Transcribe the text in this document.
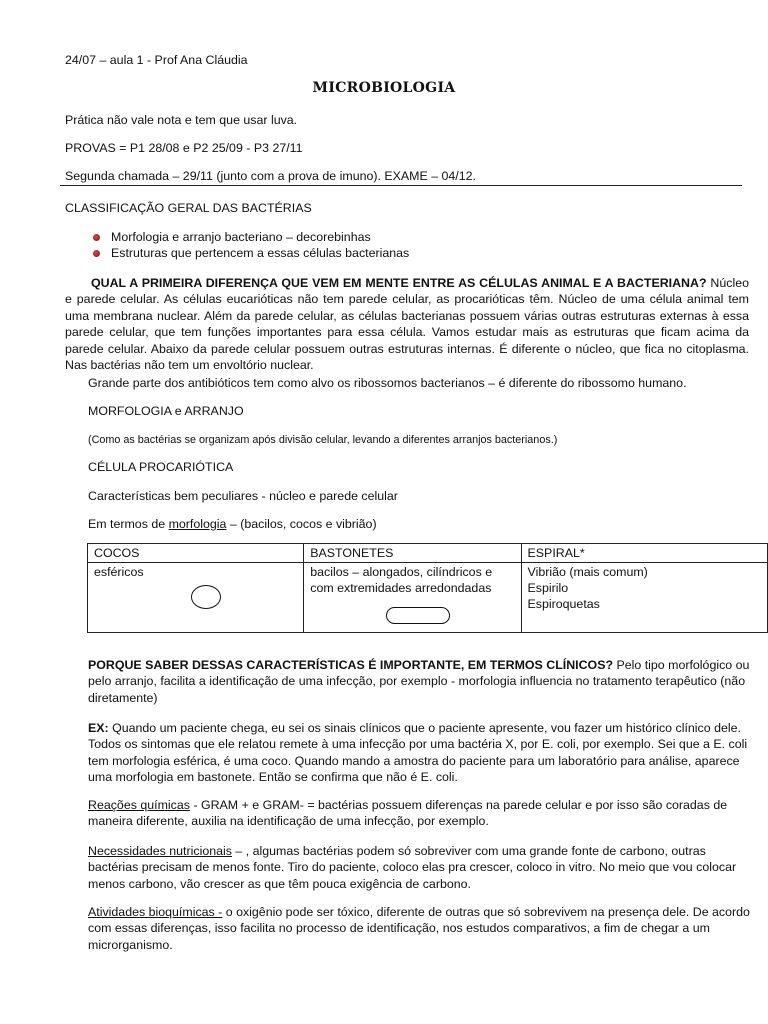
24/07 – aula 1 - Prof Ana Cláudia
MICROBIOLOGIA
Prática não vale nota e tem que usar luva.
PROVAS = P1 28/08 e P2 25/09 - P3 27/11
Segunda chamada – 29/11 (junto com a prova de imuno). EXAME – 04/12.
CLASSIFICAÇÃO GERAL DAS BACTÉRIAS
Morfologia e arranjo bacteriano – decorebinhas
Estruturas que pertencem a essas células bacterianas
QUAL A PRIMEIRA DIFERENÇA QUE VEM EM MENTE ENTRE AS CÉLULAS ANIMAL E A BACTERIANA? Núcleo e parede celular. As células eucarióticas não tem parede celular, as procarióticas têm. Núcleo de uma célula animal tem uma membrana nuclear. Além da parede celular, as células bacterianas possuem várias outras estruturas externas à essa parede celular, que tem funções importantes para essa célula. Vamos estudar mais as estruturas que ficam acima da parede celular. Abaixo da parede celular possuem outras estruturas internas. É diferente o núcleo, que fica no citoplasma. Nas bactérias não tem um envoltório nuclear.
Grande parte dos antibióticos tem como alvo os ribossomos bacterianos – é diferente do ribossomo humano.
MORFOLOGIA e ARRANJO
(Como as bactérias se organizam após divisão celular, levando a diferentes arranjos bacterianos.)
CÉLULA PROCARIÓTICA
Características bem peculiares - núcleo e parede celular
Em termos de morfologia – (bacilos, cocos e vibrião)
COCOS	BASTONETES	ESPIRAL*
esféricos	bacilos – alongados, cilíndricos e com extremidades arredondadas	Vibrião (mais comum)
Espirilo
Espiroquetas
PORQUE SABER DESSAS CARACTERÍSTICAS É IMPORTANTE, EM TERMOS CLÍNICOS? Pelo tipo morfológico ou pelo arranjo, facilita a identificação de uma infecção, por exemplo - morfologia influencia no tratamento terapêutico (não diretamente)
EX: Quando um paciente chega, eu sei os sinais clínicos que o paciente apresente, vou fazer um histórico clínico dele. Todos os sintomas que ele relatou remete à uma infecção por uma bactéria X, por E. coli, por exemplo. Sei que a E. coli tem morfologia esférica, é uma coco. Quando mando a amostra do paciente para um laboratório para análise, aparece uma morfologia em bastonete. Então se confirma que não é E. coli.
Reações químicas - GRAM + e GRAM- = bactérias possuem diferenças na parede celular e por isso são coradas de maneira diferente, auxilia na identificação de uma infecção, por exemplo.
Necessidades nutricionais – , algumas bactérias podem só sobreviver com uma grande fonte de carbono, outras bactérias precisam de menos fonte. Tiro do paciente, coloco elas pra crescer, coloco in vitro. No meio que vou colocar menos carbono, vão crescer as que têm pouca exigência de carbono.
Atividades bioquímicas - o oxigênio pode ser tóxico, diferente de outras que só sobrevivem na presença dele. De acordo com essas diferenças, isso facilita no processo de identificação, nos estudos comparativos, a fim de chegar a um microrganismo.
